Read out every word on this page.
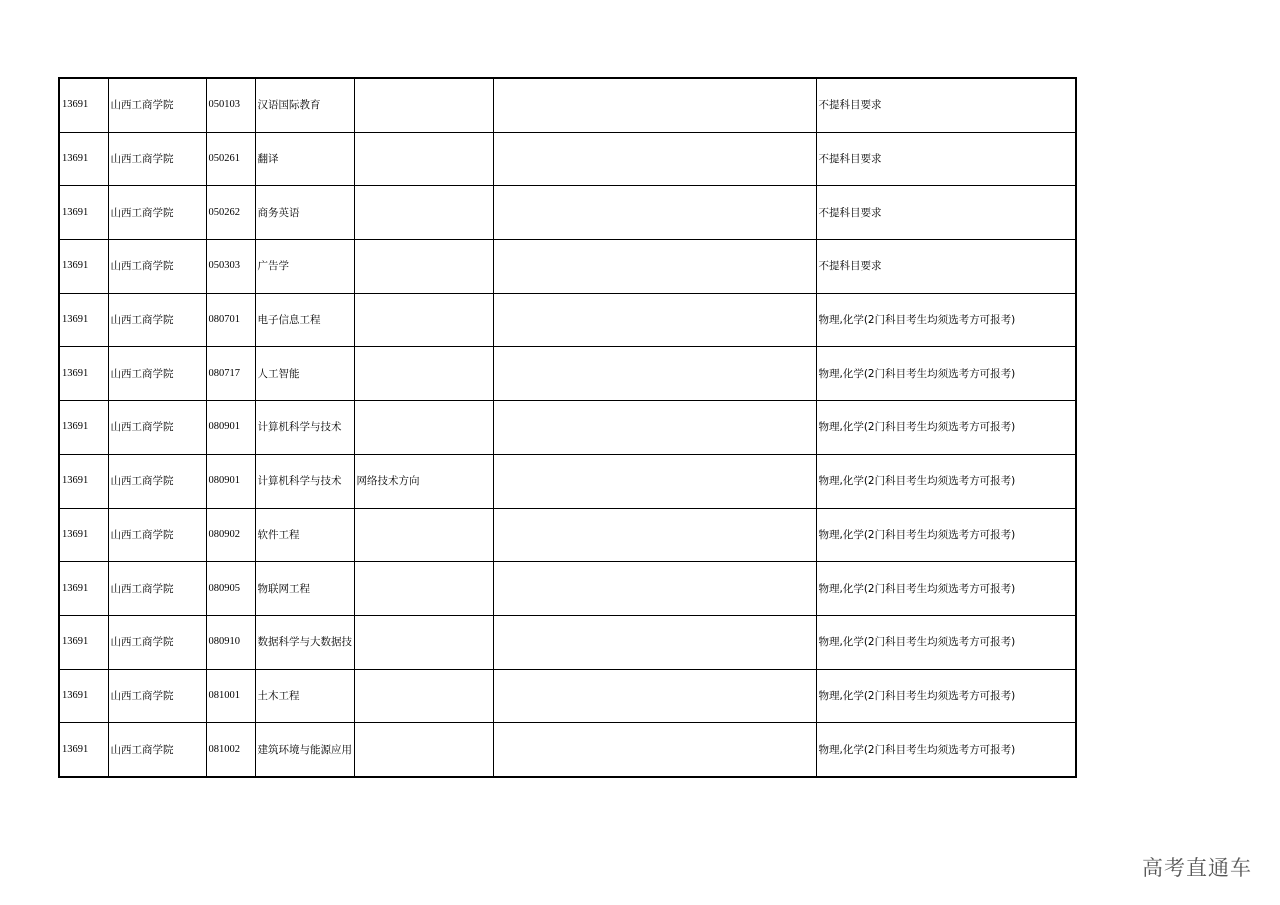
13691	山西工商学院	050103	汉语国际教育			不提科目要求
13691	山西工商学院	050261	翻译			不提科目要求
13691	山西工商学院	050262	商务英语			不提科目要求
13691	山西工商学院	050303	广告学			不提科目要求
13691	山西工商学院	080701	电子信息工程			物理,化学(2门科目考生均须选考方可报考)
13691	山西工商学院	080717	人工智能			物理,化学(2门科目考生均须选考方可报考)
13691	山西工商学院	080901	计算机科学与技术			物理,化学(2门科目考生均须选考方可报考)
13691	山西工商学院	080901	计算机科学与技术	网络技术方向		物理,化学(2门科目考生均须选考方可报考)
13691	山西工商学院	080902	软件工程			物理,化学(2门科目考生均须选考方可报考)
13691	山西工商学院	080905	物联网工程			物理,化学(2门科目考生均须选考方可报考)
13691	山西工商学院	080910	数据科学与大数据技			物理,化学(2门科目考生均须选考方可报考)
13691	山西工商学院	081001	土木工程			物理,化学(2门科目考生均须选考方可报考)
13691	山西工商学院	081002	建筑环境与能源应用			物理,化学(2门科目考生均须选考方可报考)
高考直通车
